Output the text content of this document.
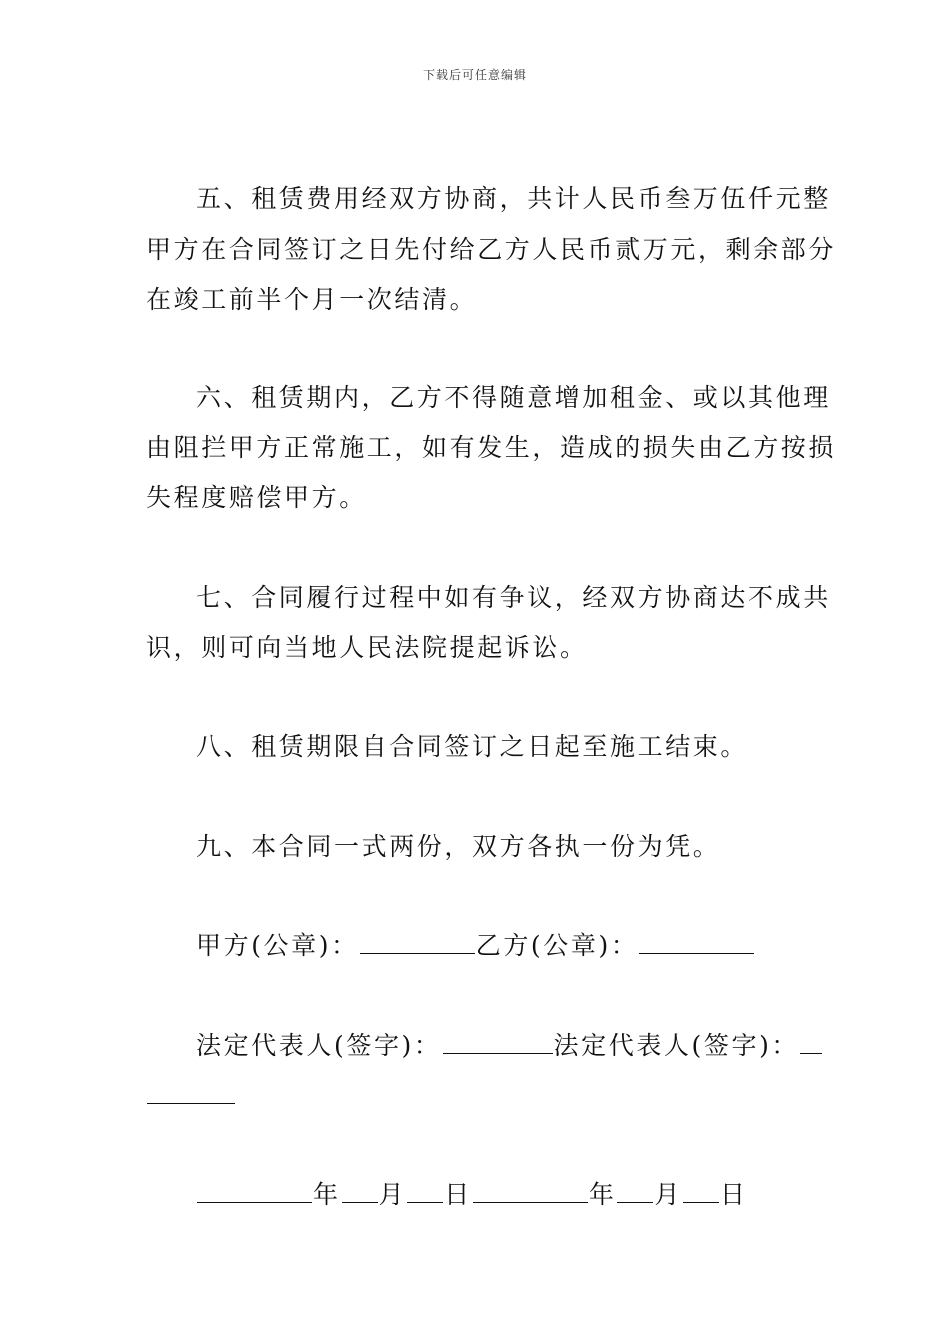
下载后可任意编辑
五、租赁费用经双方协商，共计人民币叁万伍仟元整
甲方在合同签订之日先付给乙方人民币贰万元，剩余部分
在竣工前半个月一次结清。
六、租赁期内，乙方不得随意增加租金、或以其他理
由阻拦甲方正常施工，如有发生，造成的损失由乙方按损
失程度赔偿甲方。
七、合同履行过程中如有争议，经双方协商达不成共
识，则可向当地人民法院提起诉讼。
八、租赁期限自合同签订之日起至施工结束。
九、本合同一式两份，双方各执一份为凭。
甲方(公章)：	乙方(公章)：
法定代表人(签字)：	法定代表人(签字)：
年 月 日	年 月 日
